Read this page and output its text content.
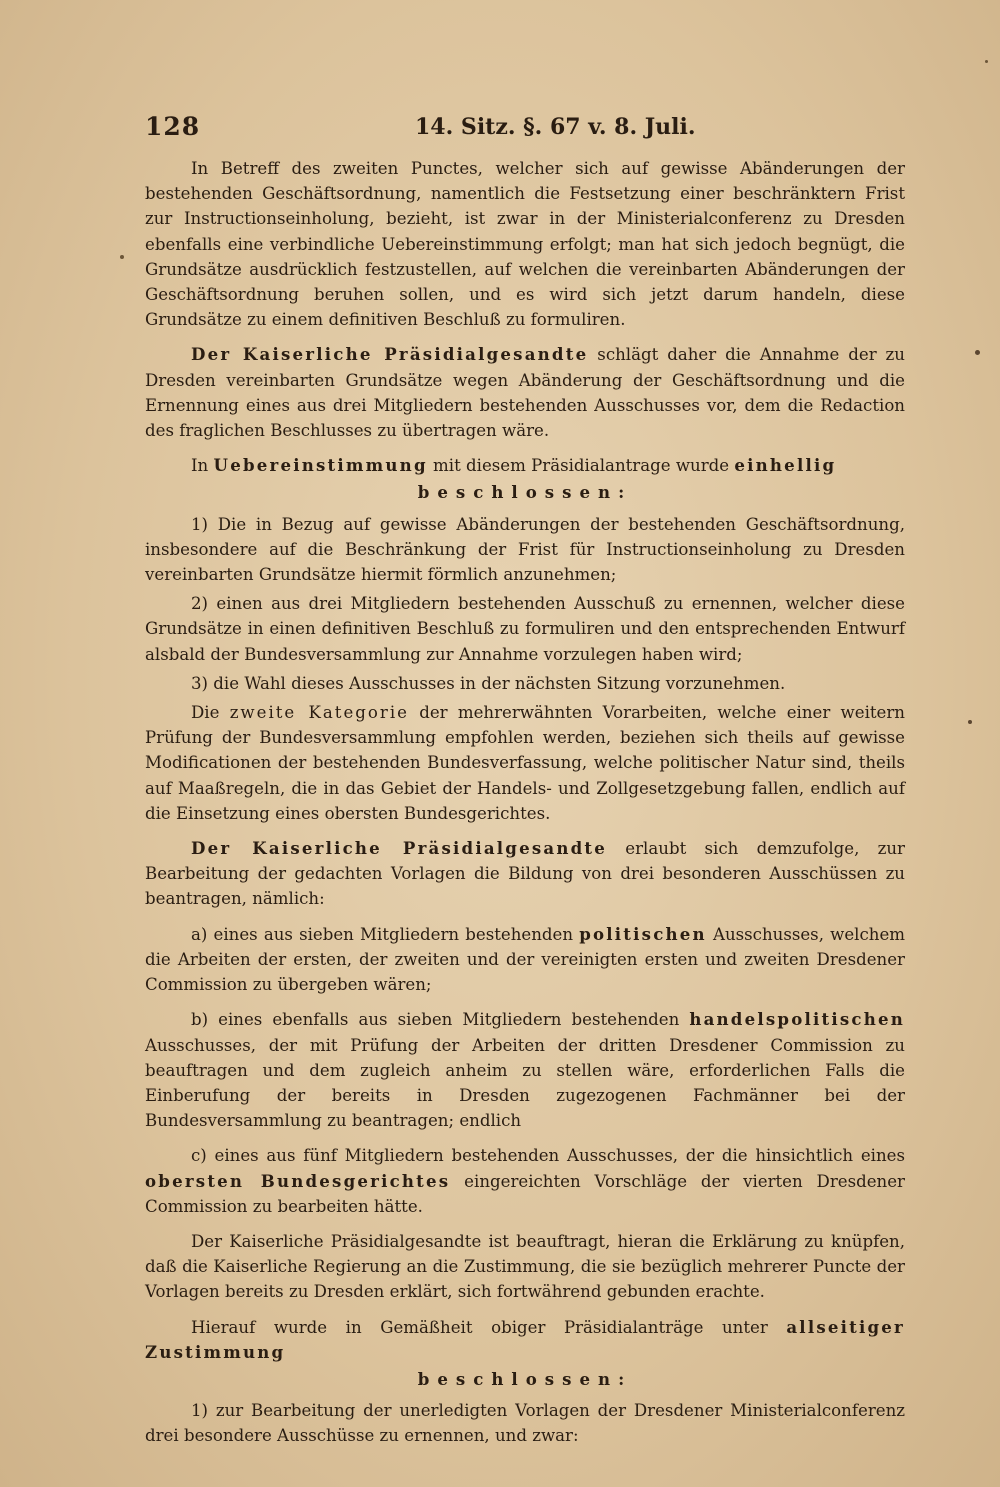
128	14. Sitz. §. 67 v. 8. Juli.

In Betreff des zweiten Punctes, welcher sich auf gewisse Abänderungen der bestehenden Geschäftsordnung, namentlich die Festsetzung einer beschränktern Frist zur Instructionseinholung, bezieht, ist zwar in der Ministerialconferenz zu Dresden ebenfalls eine verbindliche Uebereinstimmung erfolgt; man hat sich jedoch begnügt, die Grundsätze ausdrücklich festzustellen, auf welchen die vereinbarten Abänderungen der Geschäftsordnung beruhen sollen, und es wird sich jetzt darum handeln, diese Grundsätze zu einem definitiven Beschluß zu formuliren.

Der Kaiserliche Präsidialgesandte schlägt daher die Annahme der zu Dresden vereinbarten Grundsätze wegen Abänderung der Geschäftsordnung und die Ernennung eines aus drei Mitgliedern bestehenden Ausschusses vor, dem die Redaction des fraglichen Beschlusses zu übertragen wäre.

In Uebereinstimmung mit diesem Präsidialantrage wurde einhellig

beschlossen:

1) Die in Bezug auf gewisse Abänderungen der bestehenden Geschäftsordnung, insbesondere auf die Beschränkung der Frist für Instructionseinholung zu Dresden vereinbarten Grundsätze hiermit förmlich anzunehmen;

2) einen aus drei Mitgliedern bestehenden Ausschuß zu ernennen, welcher diese Grundsätze in einen definitiven Beschluß zu formuliren und den entsprechenden Entwurf alsbald der Bundesversammlung zur Annahme vorzulegen haben wird;

3) die Wahl dieses Ausschusses in der nächsten Sitzung vorzunehmen.

Die zweite Kategorie der mehrerwähnten Vorarbeiten, welche einer weitern Prüfung der Bundesversammlung empfohlen werden, beziehen sich theils auf gewisse Modificationen der bestehenden Bundesverfassung, welche politischer Natur sind, theils auf Maaßregeln, die in das Gebiet der Handels- und Zollgesetzgebung fallen, endlich auf die Einsetzung eines obersten Bundesgerichtes.

Der Kaiserliche Präsidialgesandte erlaubt sich demzufolge, zur Bearbeitung der gedachten Vorlagen die Bildung von drei besonderen Ausschüssen zu beantragen, nämlich:

a) eines aus sieben Mitgliedern bestehenden politischen Ausschusses, welchem die Arbeiten der ersten, der zweiten und der vereinigten ersten und zweiten Dresdener Commission zu übergeben wären;

b) eines ebenfalls aus sieben Mitgliedern bestehenden handelspolitischen Ausschusses, der mit Prüfung der Arbeiten der dritten Dresdener Commission zu beauftragen und dem zugleich anheim zu stellen wäre, erforderlichen Falls die Einberufung der bereits in Dresden zugezogenen Fachmänner bei der Bundesversammlung zu beantragen; endlich

c) eines aus fünf Mitgliedern bestehenden Ausschusses, der die hinsichtlich eines obersten Bundesgerichtes eingereichten Vorschläge der vierten Dresdener Commission zu bearbeiten hätte.

Der Kaiserliche Präsidialgesandte ist beauftragt, hieran die Erklärung zu knüpfen, daß die Kaiserliche Regierung an die Zustimmung, die sie bezüglich mehrerer Puncte der Vorlagen bereits zu Dresden erklärt, sich fortwährend gebunden erachte.

Hierauf wurde in Gemäßheit obiger Präsidialanträge unter allseitiger Zustimmung

beschlossen:

1) zur Bearbeitung der unerledigten Vorlagen der Dresdener Ministerialconferenz drei besondere Ausschüsse zu ernennen, und zwar:
